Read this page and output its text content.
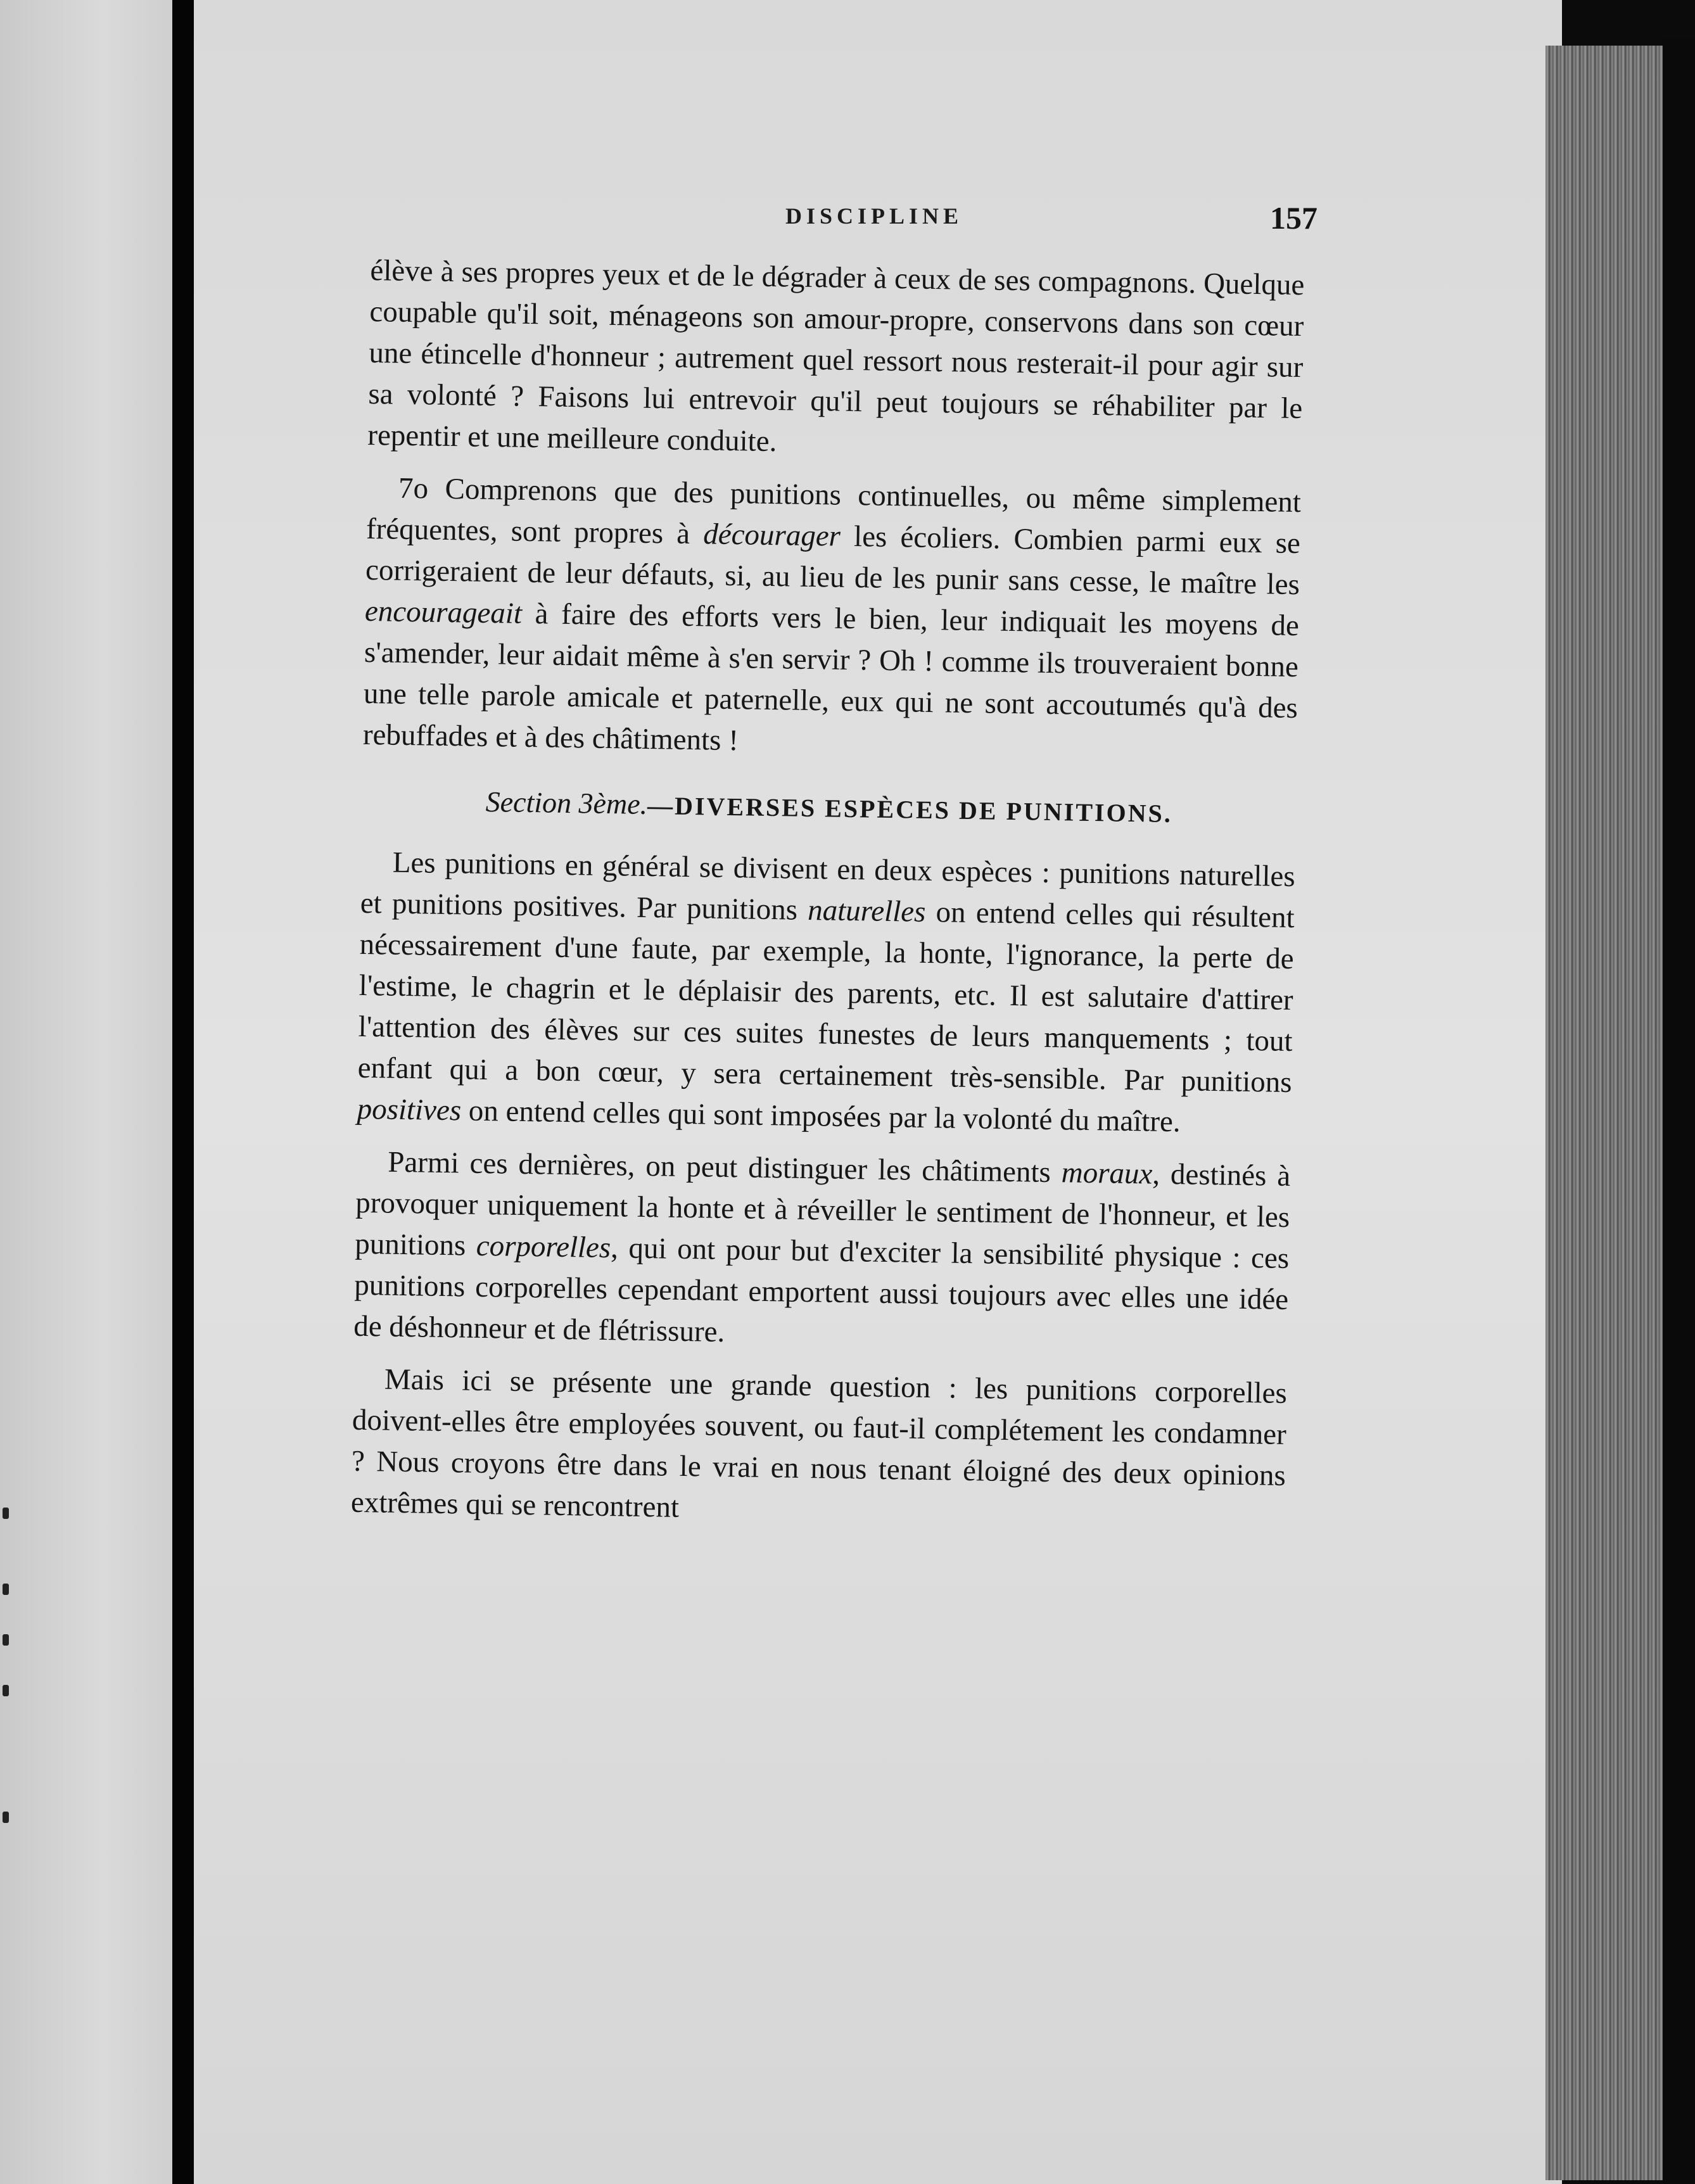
DISCIPLINE	157

élève à ses propres yeux et de le dégrader à ceux de ses compagnons. Quelque coupable qu'il soit, ménageons son amour-propre, conservons dans son cœur une étincelle d'honneur ; autrement quel ressort nous resterait-il pour agir sur sa volonté ? Faisons lui entrevoir qu'il peut toujours se réhabiliter par le repentir et une meilleure conduite.

7o Comprenons que des punitions continuelles, ou même simplement fréquentes, sont propres à décourager les écoliers. Combien parmi eux se corrigeraient de leur défauts, si, au lieu de les punir sans cesse, le maître les encourageait à faire des efforts vers le bien, leur indiquait les moyens de s'amender, leur aidait même à s'en servir ? Oh ! comme ils trouveraient bonne une telle parole amicale et paternelle, eux qui ne sont accoutumés qu'à des rebuffades et à des châtiments !

Section 3ème.—DIVERSES ESPÈCES DE PUNITIONS.

Les punitions en général se divisent en deux espèces : punitions naturelles et punitions positives. Par punitions naturelles on entend celles qui résultent nécessairement d'une faute, par exemple, la honte, l'ignorance, la perte de l'estime, le chagrin et le déplaisir des parents, etc. Il est salutaire d'attirer l'attention des élèves sur ces suites funestes de leurs manquements ; tout enfant qui a bon cœur, y sera certainement très-sensible. Par punitions positives on entend celles qui sont imposées par la volonté du maître.

Parmi ces dernières, on peut distinguer les châtiments moraux, destinés à provoquer uniquement la honte et à réveiller le sentiment de l'honneur, et les punitions corporelles, qui ont pour but d'exciter la sensibilité physique : ces punitions corporelles cependant emportent aussi toujours avec elles une idée de déshonneur et de flétrissure.

Mais ici se présente une grande question : les punitions corporelles doivent-elles être employées souvent, ou faut-il complétement les condamner ? Nous croyons être dans le vrai en nous tenant éloigné des deux opinions extrêmes qui se rencontrent
